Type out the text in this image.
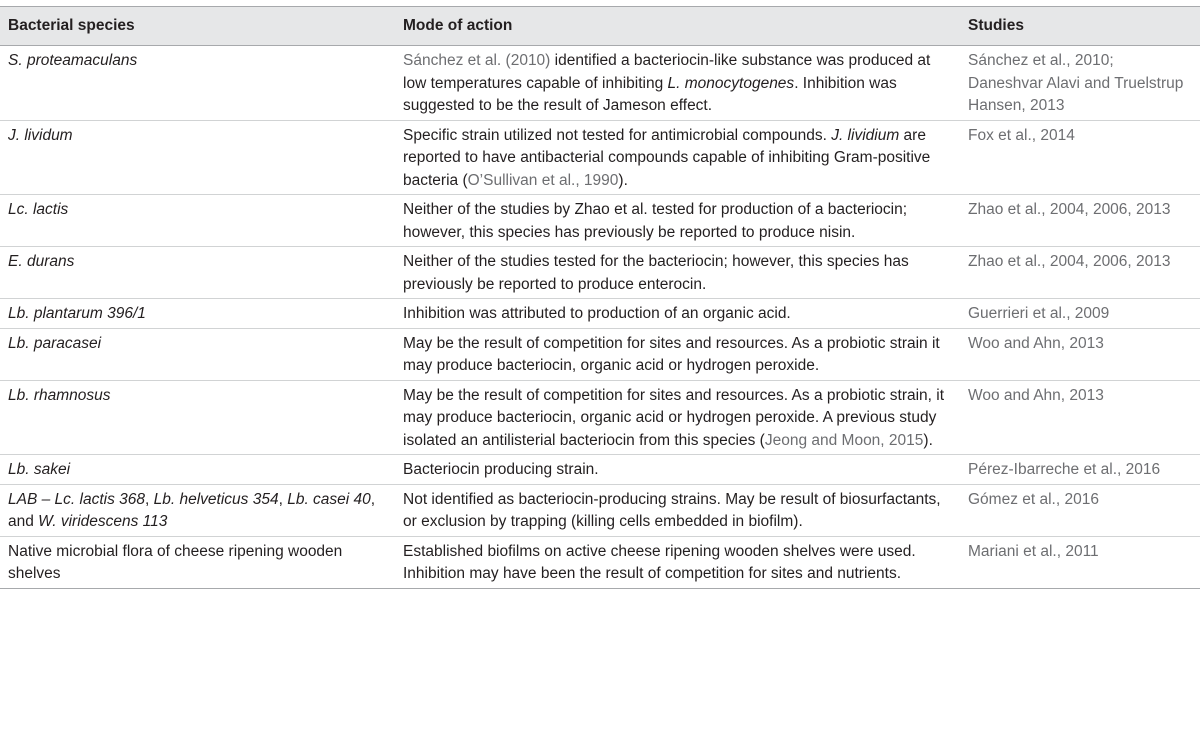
Bacterial species	Mode of action	Studies
S. proteamaculans	Sánchez et al. (2010) identified a bacteriocin-like substance was produced at low temperatures capable of inhibiting L. monocytogenes. Inhibition was suggested to be the result of Jameson effect.	Sánchez et al., 2010; Daneshvar Alavi and Truelstrup Hansen, 2013
J. lividum	Specific strain utilized not tested for antimicrobial compounds. J. lividium are reported to have antibacterial compounds capable of inhibiting Gram-positive bacteria (O’Sullivan et al., 1990).	Fox et al., 2014
Lc. lactis	Neither of the studies by Zhao et al. tested for production of a bacteriocin; however, this species has previously be reported to produce nisin.	Zhao et al., 2004, 2006, 2013
E. durans	Neither of the studies tested for the bacteriocin; however, this species has previously be reported to produce enterocin.	Zhao et al., 2004, 2006, 2013
Lb. plantarum 396/1	Inhibition was attributed to production of an organic acid.	Guerrieri et al., 2009
Lb. paracasei	May be the result of competition for sites and resources. As a probiotic strain it may produce bacteriocin, organic acid or hydrogen peroxide.	Woo and Ahn, 2013
Lb. rhamnosus	May be the result of competition for sites and resources. As a probiotic strain, it may produce bacteriocin, organic acid or hydrogen peroxide. A previous study isolated an antilisterial bacteriocin from this species (Jeong and Moon, 2015).	Woo and Ahn, 2013
Lb. sakei	Bacteriocin producing strain.	Pérez-Ibarreche et al., 2016
LAB – Lc. lactis 368, Lb. helveticus 354, Lb. casei 40, and W. viridescens 113	Not identified as bacteriocin-producing strains. May be result of biosurfactants, or exclusion by trapping (killing cells embedded in biofilm).	Gómez et al., 2016
Native microbial flora of cheese ripening wooden shelves	Established biofilms on active cheese ripening wooden shelves were used. Inhibition may have been the result of competition for sites and nutrients.	Mariani et al., 2011
